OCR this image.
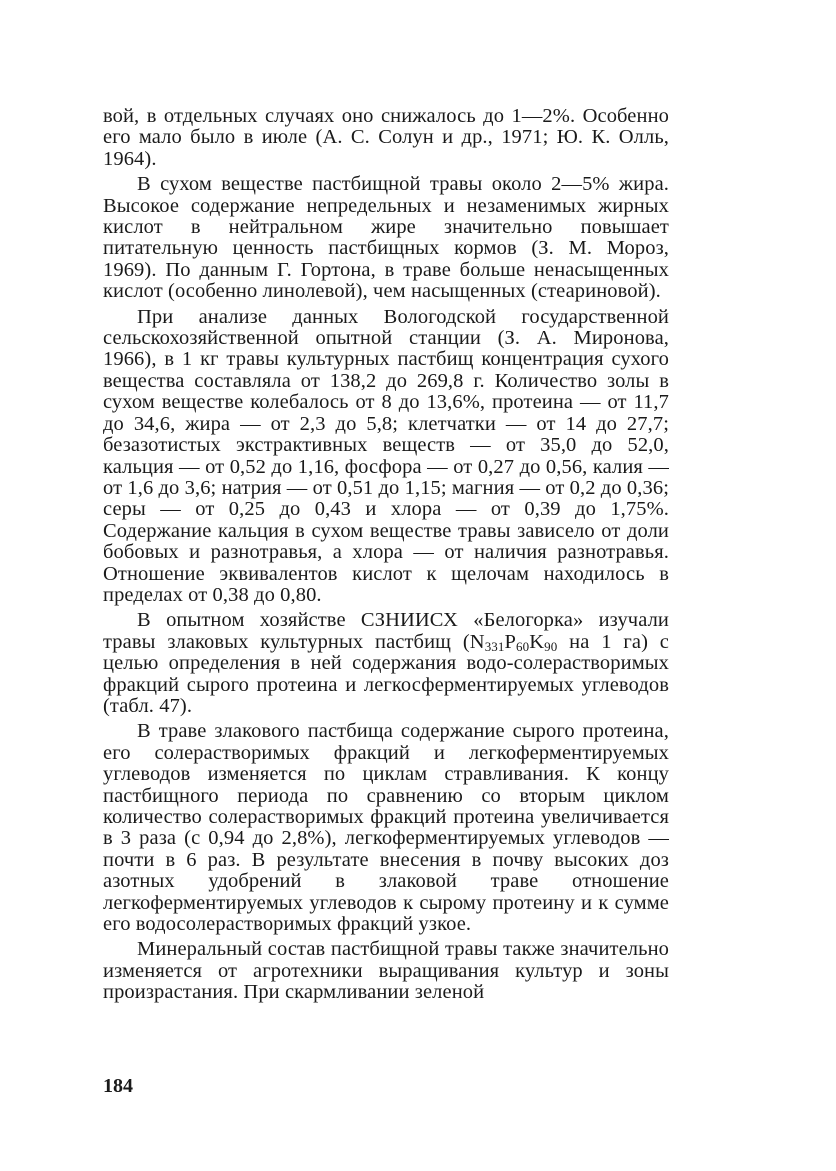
вой, в отдельных случаях оно снижалось до 1—2%. Особенно его мало было в июле (А. С. Солун и др., 1971; Ю. К. Олль, 1964).

В сухом веществе пастбищной травы около 2—5% жира. Высокое содержание непредельных и незаменимых жирных кислот в нейтральном жире значительно повышает питательную ценность пастбищных кормов (З. М. Мороз, 1969). По данным Г. Гортона, в траве больше ненасыщенных кислот (особенно линолевой), чем насыщенных (стеариновой).

При анализе данных Вологодской государственной сельскохозяйственной опытной станции (З. А. Миронова, 1966), в 1 кг травы культурных пастбищ концентрация сухого вещества составляла от 138,2 до 269,8 г. Количество золы в сухом веществе колебалось от 8 до 13,6%, протеина — от 11,7 до 34,6, жира — от 2,3 до 5,8; клетчатки — от 14 до 27,7; безазотистых экстрактивных веществ — от 35,0 до 52,0, кальция — от 0,52 до 1,16, фосфора — от 0,27 до 0,56, калия — от 1,6 до 3,6; натрия — от 0,51 до 1,15; магния — от 0,2 до 0,36; серы — от 0,25 до 0,43 и хлора — от 0,39 до 1,75%. Содержание кальция в сухом веществе травы зависело от доли бобовых и разнотравья, а хлора — от наличия разнотравья. Отношение эквивалентов кислот к щелочам находилось в пределах от 0,38 до 0,80.

В опытном хозяйстве СЗНИИСХ «Белогорка» изучали травы злаковых культурных пастбищ ($N_{331}P_{60}K_{90}$ на 1 га) с целью определения в ней содержания водо-солерастворимых фракций сырого протеина и легкосферментируемых углеводов (табл. 47).

В траве злакового пастбища содержание сырого протеина, его солерастворимых фракций и легкоферментируемых углеводов изменяется по циклам стравливания. К концу пастбищного периода по сравнению со вторым циклом количество солерастворимых фракций протеина увеличивается в 3 раза (с 0,94 до 2,8%), легкоферментируемых углеводов — почти в 6 раз. В результате внесения в почву высоких доз азотных удобрений в злаковой траве отношение легкоферментируемых углеводов к сырому протеину и к сумме его водосолерастворимых фракций узкое.

Минеральный состав пастбищной травы также значительно изменяется от агротехники выращивания культур и зоны произрастания. При скармливании зеленой

184
